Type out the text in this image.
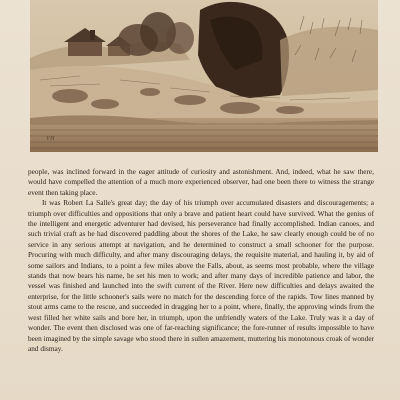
VH

people, was inclined forward in the eager attitude of curiosity and astonishment. And, indeed, what he saw there, would have compelled the attention of a much more experienced observer, had one been there to witness the strange event then taking place.

It was Robert La Salle's great day; the day of his triumph over accumulated disasters and discouragements; a triumph over difficulties and oppositions that only a brave and patient heart could have survived. What the genius of the intelligent and energetic adventurer had devised, his perseverance had finally accomplished. Indian canoes, and such trivial craft as he had discovered paddling about the shores of the Lake, he saw clearly enough could be of no service in any serious attempt at navigation, and he determined to construct a small schooner for the purpose. Procuring with much difficulty, and after many discouraging delays, the requisite material, and hauling it, by aid of some sailors and Indians, to a point a few miles above the Falls, about, as seems most probable, where the village stands that now bears his name, he set his men to work; and after many days of incredible patience and labor, the vessel was finished and launched into the swift current of the River. Here new difficulties and delays awaited the enterprise, for the little schooner's sails were no match for the descending force of the rapids. Tow lines manned by stout arms came to the rescue, and succeeded in dragging her to a point, where, finally, the approving winds from the west filled her white sails and bore her, in triumph, upon the unfriendly waters of the Lake. Truly was it a day of wonder. The event then disclosed was one of far-reaching significance; the fore-runner of results impossible to have been imagined by the simple savage who stood there in sullen amazement, muttering his monotonous croak of wonder and dismay.
